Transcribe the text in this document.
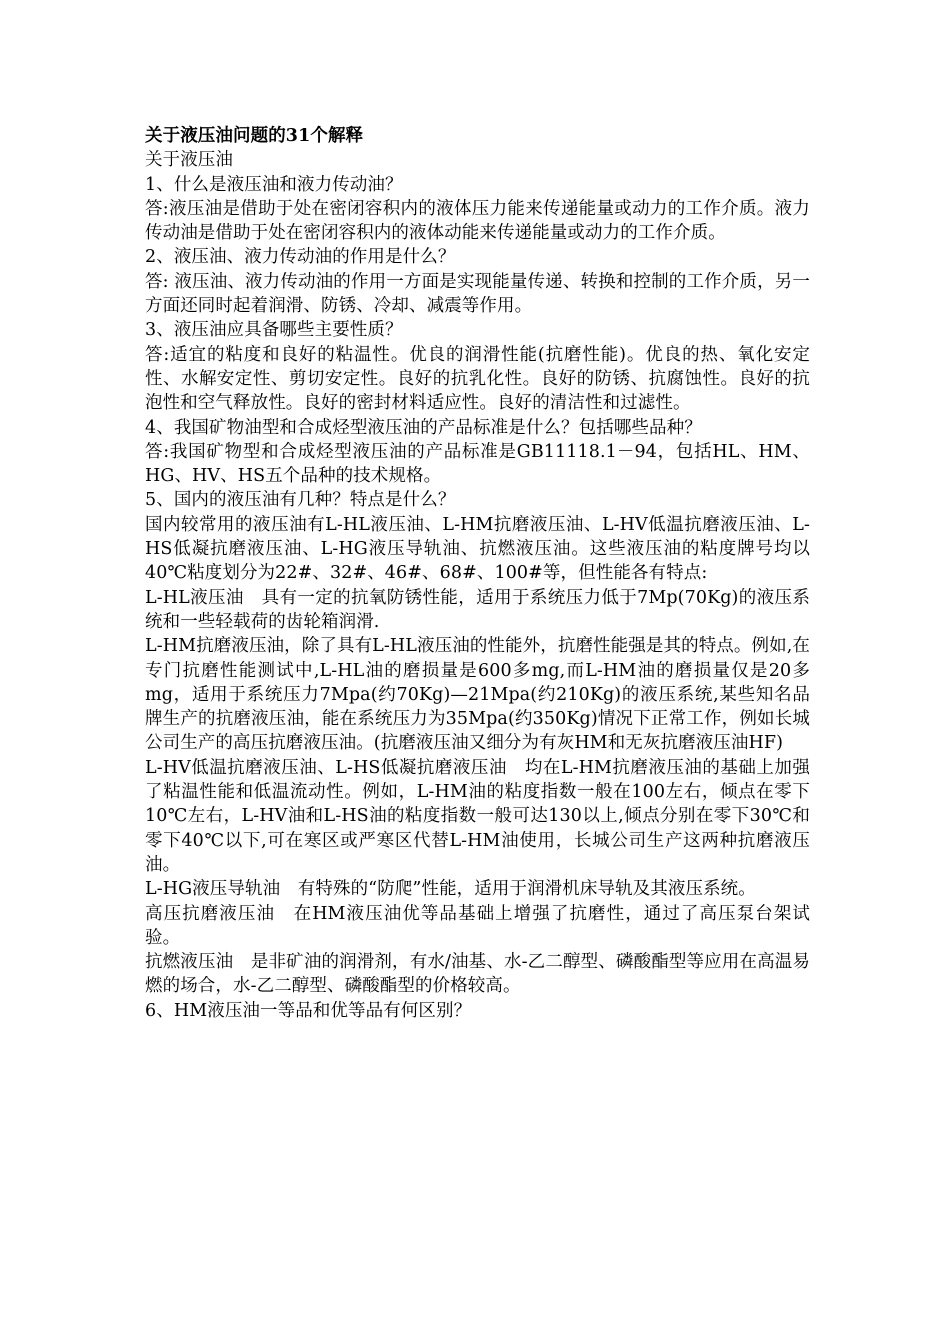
关于液压油问题的31个解释
关于液压油
1、什么是液压油和液力传动油？
答:液压油是借助于处在密闭容积内的液体压力能来传递能量或动力的工作介质。液力传动油是借助于处在密闭容积内的液体动能来传递能量或动力的工作介质。
2、液压油、液力传动油的作用是什么？
答: 液压油、液力传动油的作用一方面是实现能量传递、转换和控制的工作介质，另一方面还同时起着润滑、防锈、冷却、减震等作用。
3、液压油应具备哪些主要性质？
答:适宜的粘度和良好的粘温性。优良的润滑性能(抗磨性能)。优良的热、氧化安定性、水解安定性、剪切安定性。良好的抗乳化性。良好的防锈、抗腐蚀性。良好的抗泡性和空气释放性。良好的密封材料适应性。良好的清洁性和过滤性。
4、我国矿物油型和合成烃型液压油的产品标准是什么？包括哪些品种？
答:我国矿物型和合成烃型液压油的产品标准是GB11118.1－94，包括HL、HM、HG、HV、HS五个品种的技术规格。
5、国内的液压油有几种？特点是什么？
国内较常用的液压油有L-HL液压油、L-HM抗磨液压油、L-HV低温抗磨液压油、L-HS低凝抗磨液压油、L-HG液压导轨油、抗燃液压油。这些液压油的粘度牌号均以40℃粘度划分为22#、32#、46#、68#、100#等，但性能各有特点:
L-HL液压油　具有一定的抗氧防锈性能，适用于系统压力低于7Mp(70Kg)的液压系统和一些轻载荷的齿轮箱润滑.
L-HM抗磨液压油，除了具有L-HL液压油的性能外，抗磨性能强是其的特点。例如,在专门抗磨性能测试中,L-HL油的磨损量是600多mg,而L-HM油的磨损量仅是20多mg，适用于系统压力7Mpa(约70Kg)—21Mpa(约210Kg)的液压系统,某些知名品牌生产的抗磨液压油，能在系统压力为35Mpa(约350Kg)情况下正常工作，例如长城公司生产的高压抗磨液压油。(抗磨液压油又细分为有灰HM和无灰抗磨液压油HF)
L-HV低温抗磨液压油、L-HS低凝抗磨液压油　均在L-HM抗磨液压油的基础上加强了粘温性能和低温流动性。例如，L-HM油的粘度指数一般在100左右，倾点在零下10℃左右，L-HV油和L-HS油的粘度指数一般可达130以上,倾点分别在零下30℃和零下40℃以下,可在寒区或严寒区代替L-HM油使用，长城公司生产这两种抗磨液压油。
L-HG液压导轨油　有特殊的“防爬”性能，适用于润滑机床导轨及其液压系统。
高压抗磨液压油　在HM液压油优等品基础上增强了抗磨性，通过了高压泵台架试验。
抗燃液压油　是非矿油的润滑剂，有水/油基、水-乙二醇型、磷酸酯型等应用在高温易燃的场合，水-乙二醇型、磷酸酯型的价格较高。
6、HM液压油一等品和优等品有何区别？
